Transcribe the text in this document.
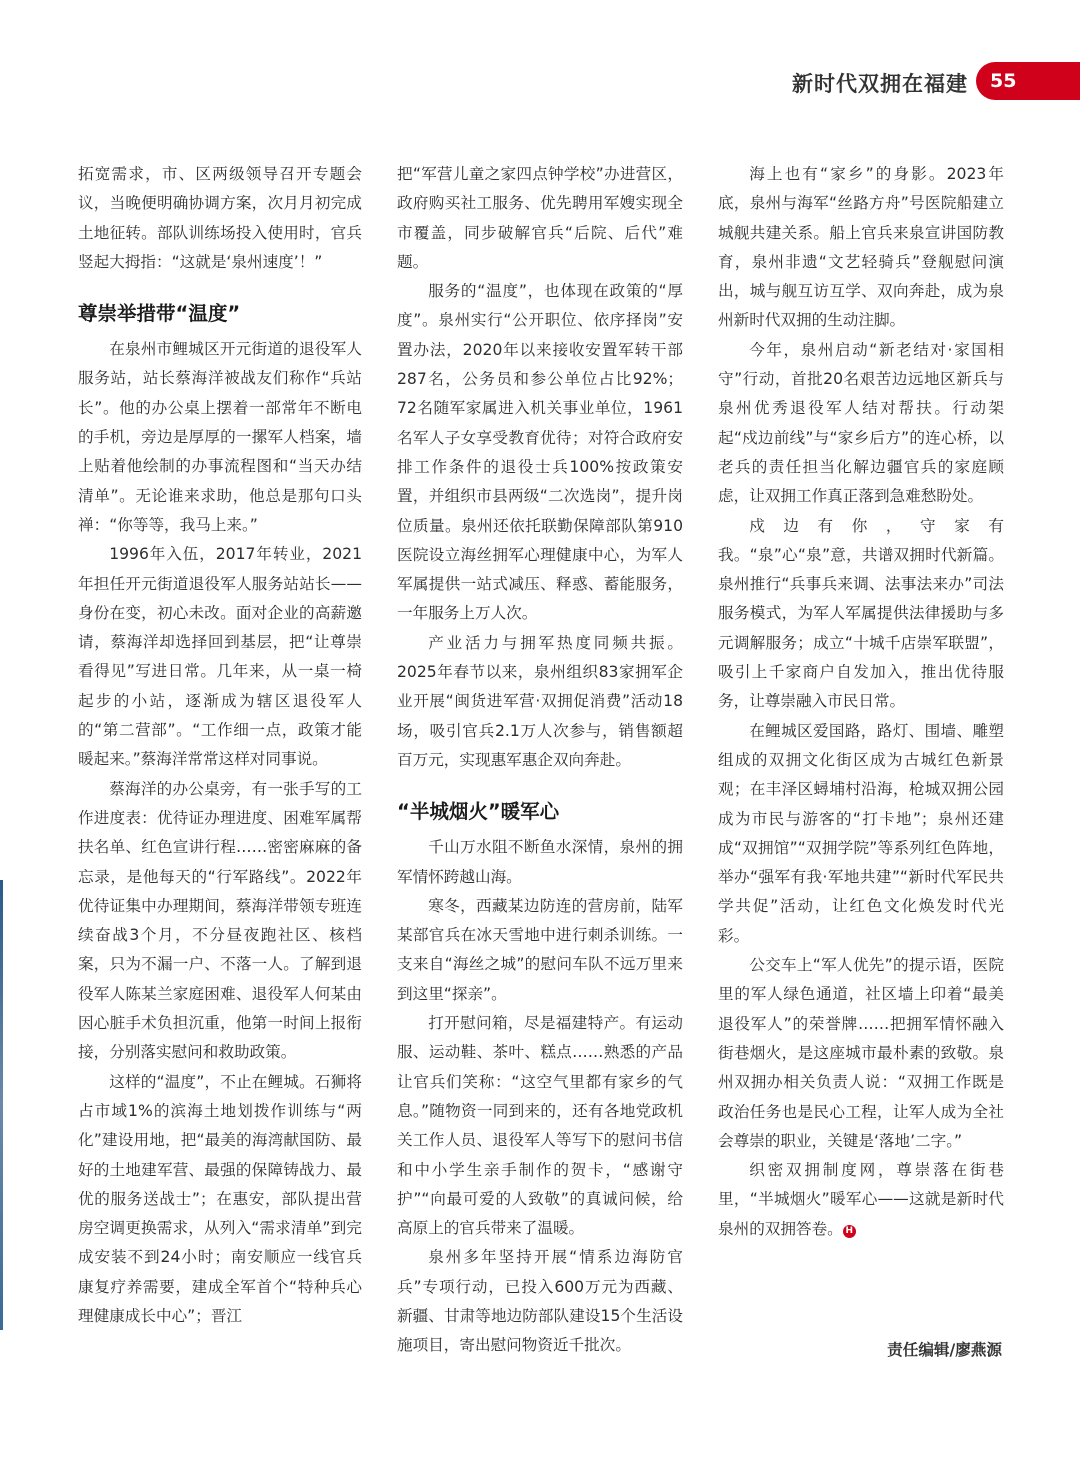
新时代双拥在福建	55

拓宽需求，市、区两级领导召开专题会议，当晚便明确协调方案，次月月初完成土地征转。部队训练场投入使用时，官兵竖起大拇指：“这就是‘泉州速度’！”

尊崇举措带“温度”

在泉州市鲤城区开元街道的退役军人服务站，站长蔡海洋被战友们称作“兵站长”。他的办公桌上摆着一部常年不断电的手机，旁边是厚厚的一摞军人档案，墙上贴着他绘制的办事流程图和“当天办结清单”。无论谁来求助，他总是那句口头禅：“你等等，我马上来。”

1996年入伍，2017年转业，2021年担任开元街道退役军人服务站站长——身份在变，初心未改。面对企业的高薪邀请，蔡海洋却选择回到基层，把“让尊崇看得见”写进日常。几年来，从一桌一椅起步的小站，逐渐成为辖区退役军人的“第二营部”。“工作细一点，政策才能暖起来。”蔡海洋常常这样对同事说。

蔡海洋的办公桌旁，有一张手写的工作进度表：优待证办理进度、困难军属帮扶名单、红色宣讲行程……密密麻麻的备忘录，是他每天的“行军路线”。2022年优待证集中办理期间，蔡海洋带领专班连续奋战3个月，不分昼夜跑社区、核档案，只为不漏一户、不落一人。了解到退役军人陈某兰家庭困难、退役军人何某由因心脏手术负担沉重，他第一时间上报衔接，分别落实慰问和救助政策。

这样的“温度”，不止在鲤城。石狮将占市域1%的滨海土地划拨作训练与“两化”建设用地，把“最美的海湾献国防、最好的土地建军营、最强的保障铸战力、最优的服务送战士”；在惠安，部队提出营房空调更换需求，从列入“需求清单”到完成安装不到24小时；南安顺应一线官兵康复疗养需要，建成全军首个“特种兵心理健康成长中心”；晋江

把“军营儿童之家四点钟学校”办进营区，政府购买社工服务、优先聘用军嫂实现全市覆盖，同步破解官兵“后院、后代”难题。

服务的“温度”，也体现在政策的“厚度”。泉州实行“公开职位、依序择岗”安置办法，2020年以来接收安置军转干部287名，公务员和参公单位占比92%；72名随军家属进入机关事业单位，1961名军人子女享受教育优待；对符合政府安排工作条件的退役士兵100%按政策安置，并组织市县两级“二次选岗”，提升岗位质量。泉州还依托联勤保障部队第910医院设立海丝拥军心理健康中心，为军人军属提供一站式减压、释惑、蓄能服务，一年服务上万人次。

产业活力与拥军热度同频共振。2025年春节以来，泉州组织83家拥军企业开展“闽货进军营·双拥促消费”活动18场，吸引官兵2.1万人次参与，销售额超百万元，实现惠军惠企双向奔赴。

“半城烟火”暖军心

千山万水阻不断鱼水深情，泉州的拥军情怀跨越山海。

寒冬，西藏某边防连的营房前，陆军某部官兵在冰天雪地中进行刺杀训练。一支来自“海丝之城”的慰问车队不远万里来到这里“探亲”。

打开慰问箱，尽是福建特产。有运动服、运动鞋、茶叶、糕点……熟悉的产品让官兵们笑称：“这空气里都有家乡的气息。”随物资一同到来的，还有各地党政机关工作人员、退役军人等写下的慰问书信和中小学生亲手制作的贺卡，“感谢守护”“向最可爱的人致敬”的真诚问候，给高原上的官兵带来了温暖。

泉州多年坚持开展“情系边海防官兵”专项行动，已投入600万元为西藏、新疆、甘肃等地边防部队建设15个生活设施项目，寄出慰问物资近千批次。

海上也有“家乡”的身影。2023年底，泉州与海军“丝路方舟”号医院船建立城舰共建关系。船上官兵来泉宣讲国防教育，泉州非遗“文艺轻骑兵”登舰慰问演出，城与舰互访互学、双向奔赴，成为泉州新时代双拥的生动注脚。

今年，泉州启动“新老结对·家国相守”行动，首批20名艰苦边远地区新兵与泉州优秀退役军人结对帮扶。行动架起“戍边前线”与“家乡后方”的连心桥，以老兵的责任担当化解边疆官兵的家庭顾虑，让双拥工作真正落到急难愁盼处。

戍边有你，守家有我。“泉”心“泉”意，共谱双拥时代新篇。泉州推行“兵事兵来调、法事法来办”司法服务模式，为军人军属提供法律援助与多元调解服务；成立“十城千店崇军联盟”，吸引上千家商户自发加入，推出优待服务，让尊崇融入市民日常。

在鲤城区爱国路，路灯、围墙、雕塑组成的双拥文化街区成为古城红色新景观；在丰泽区蟳埔村沿海，枪城双拥公园成为市民与游客的“打卡地”；泉州还建成“双拥馆”“双拥学院”等系列红色阵地，举办“强军有我·军地共建”“新时代军民共学共促”活动，让红色文化焕发时代光彩。

公交车上“军人优先”的提示语，医院里的军人绿色通道，社区墙上印着“最美退役军人”的荣誉牌……把拥军情怀融入街巷烟火，是这座城市最朴素的致敬。泉州双拥办相关负责人说：“双拥工作既是政治任务也是民心工程，让军人成为全社会尊崇的职业，关键是‘落地’二字。”

织密双拥制度网，尊崇落在街巷里，“半城烟火”暖军心——这就是新时代泉州的双拥答卷。 H

责任编辑/廖燕源
